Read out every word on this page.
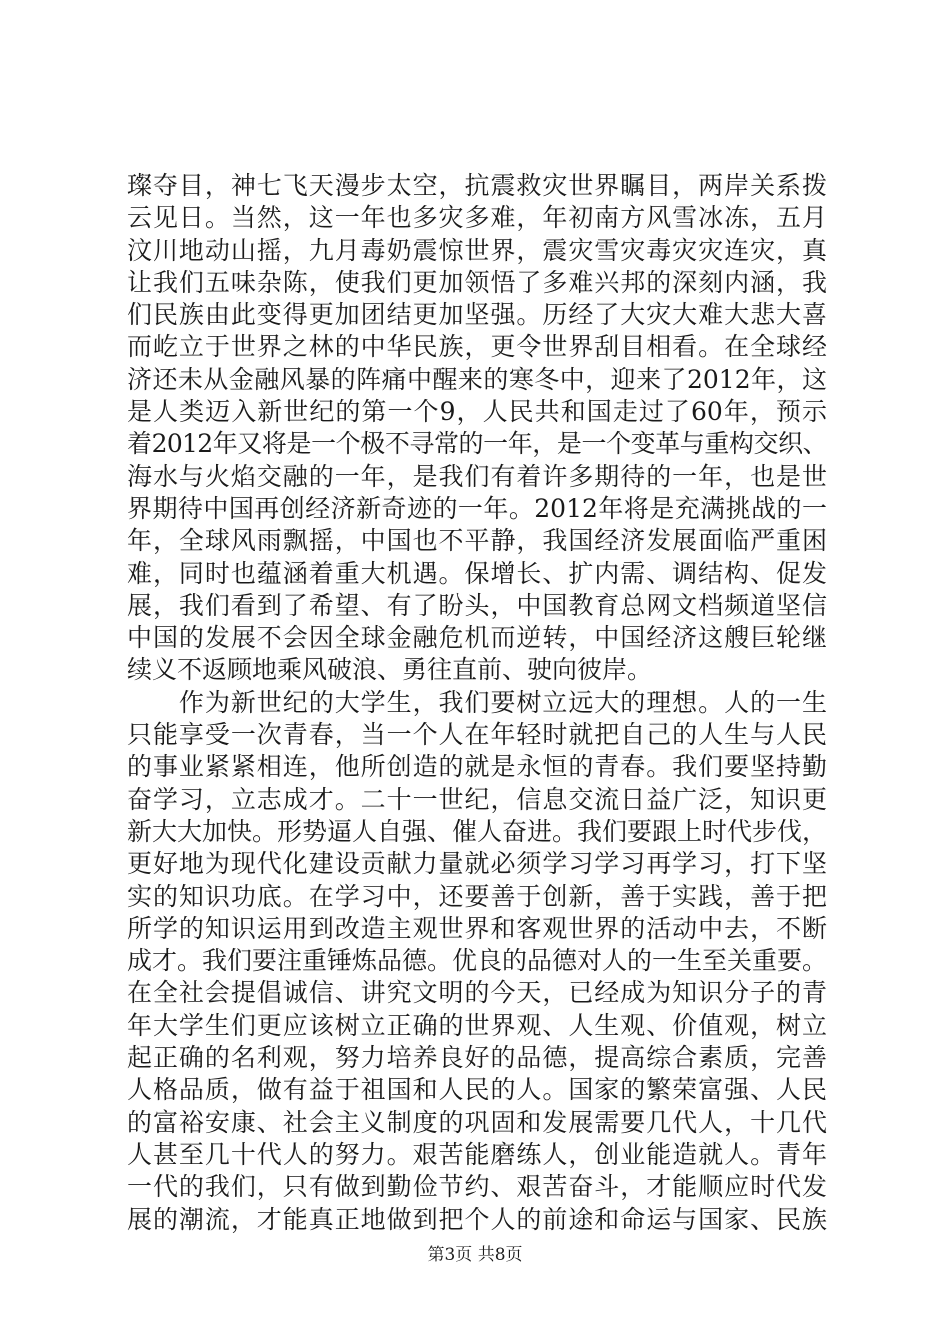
璨夺目，神七飞天漫步太空，抗震救灾世界瞩目，两岸关系拨
云见日。当然，这一年也多灾多难，年初南方风雪冰冻，五月
汶川地动山摇，九月毒奶震惊世界，震灾雪灾毒灾灾连灾，真
让我们五味杂陈，使我们更加领悟了多难兴邦的深刻内涵，我
们民族由此变得更加团结更加坚强。历经了大灾大难大悲大喜
而屹立于世界之林的中华民族，更令世界刮目相看。在全球经
济还未从金融风暴的阵痛中醒来的寒冬中，迎来了2012年，这
是人类迈入新世纪的第一个9，人民共和国走过了60年，预示
着2012年又将是一个极不寻常的一年，是一个变革与重构交织、
海水与火焰交融的一年，是我们有着许多期待的一年，也是世
界期待中国再创经济新奇迹的一年。2012年将是充满挑战的一
年，全球风雨飘摇，中国也不平静，我国经济发展面临严重困
难，同时也蕴涵着重大机遇。保增长、扩内需、调结构、促发
展，我们看到了希望、有了盼头，中国教育总网文档频道坚信
中国的发展不会因全球金融危机而逆转，中国经济这艘巨轮继
续义不返顾地乘风破浪、勇往直前、驶向彼岸。
　　作为新世纪的大学生，我们要树立远大的理想。人的一生
只能享受一次青春，当一个人在年轻时就把自己的人生与人民
的事业紧紧相连，他所创造的就是永恒的青春。我们要坚持勤
奋学习，立志成才。二十一世纪，信息交流日益广泛，知识更
新大大加快。形势逼人自强、催人奋进。我们要跟上时代步伐，
更好地为现代化建设贡献力量就必须学习学习再学习，打下坚
实的知识功底。在学习中，还要善于创新，善于实践，善于把
所学的知识运用到改造主观世界和客观世界的活动中去，不断
成才。我们要注重锤炼品德。优良的品德对人的一生至关重要。
在全社会提倡诚信、讲究文明的今天，已经成为知识分子的青
年大学生们更应该树立正确的世界观、人生观、价值观，树立
起正确的名利观，努力培养良好的品德，提高综合素质，完善
人格品质，做有益于祖国和人民的人。国家的繁荣富强、人民
的富裕安康、社会主义制度的巩固和发展需要几代人，十几代
人甚至几十代人的努力。艰苦能磨练人，创业能造就人。青年
一代的我们，只有做到勤俭节约、艰苦奋斗，才能顺应时代发
展的潮流，才能真正地做到把个人的前途和命运与国家、民族
第3页 共8页
